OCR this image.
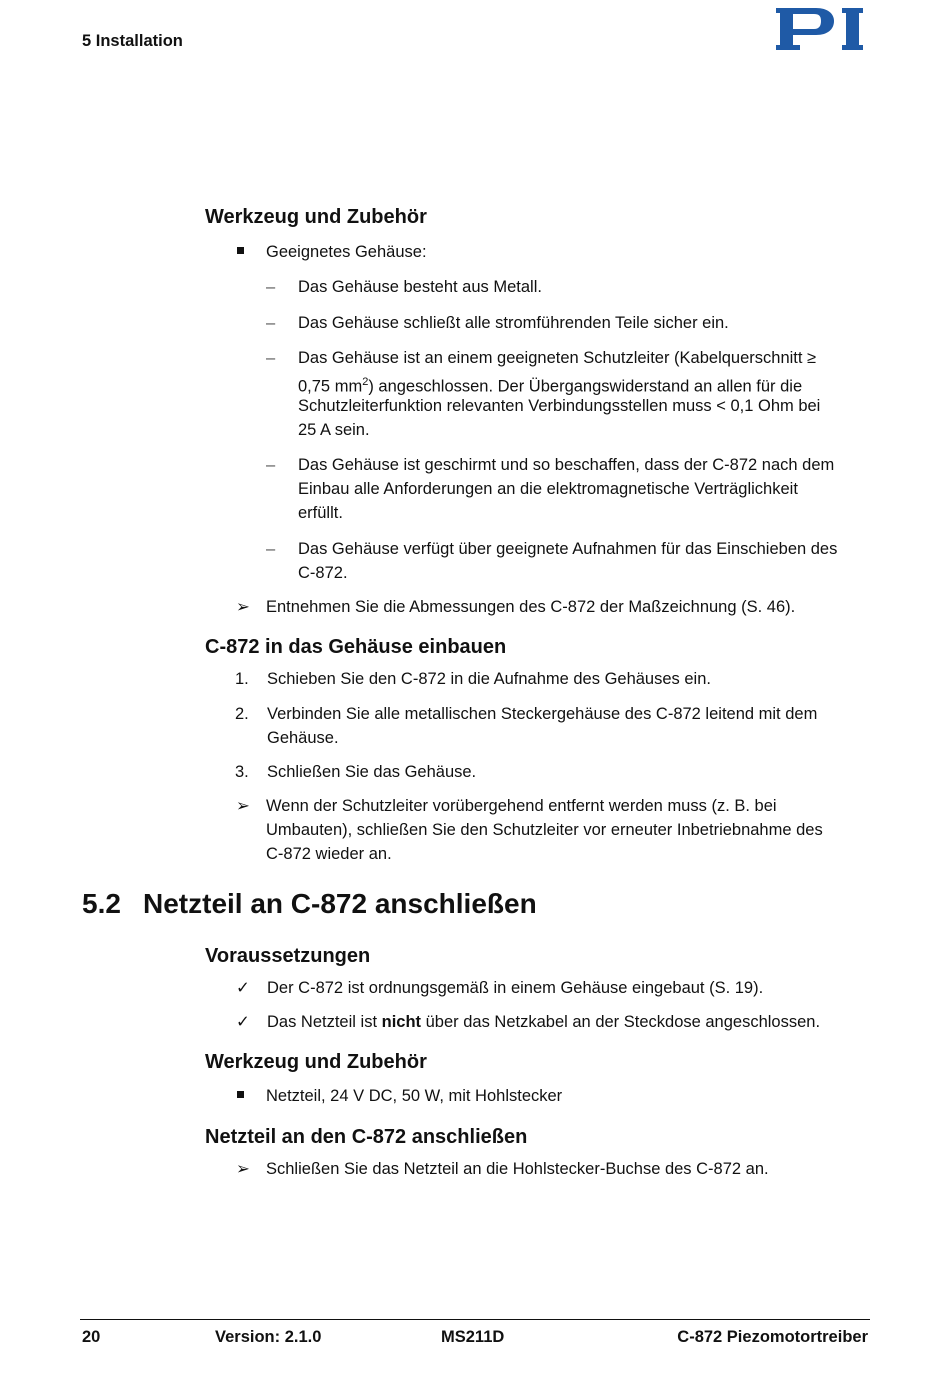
5 Installation
Werkzeug und Zubehör
Geeignetes Gehäuse:
– Das Gehäuse besteht aus Metall.
– Das Gehäuse schließt alle stromführenden Teile sicher ein.
– Das Gehäuse ist an einem geeigneten Schutzleiter (Kabelquerschnitt ≥
0,75 $mm^2$) angeschlossen. Der Übergangswiderstand an allen für die
Schutzleiterfunktion relevanten Verbindungsstellen muss < 0,1 Ohm bei
25 A sein.
– Das Gehäuse ist geschirmt und so beschaffen, dass der C-872 nach dem
Einbau alle Anforderungen an die elektromagnetische Verträglichkeit
erfüllt.
– Das Gehäuse verfügt über geeignete Aufnahmen für das Einschieben des
C-872.
➢ Entnehmen Sie die Abmessungen des C-872 der Maßzeichnung (S. 46).
C-872 in das Gehäuse einbauen
1. Schieben Sie den C-872 in die Aufnahme des Gehäuses ein.
2. Verbinden Sie alle metallischen Steckergehäuse des C-872 leitend mit dem
Gehäuse.
3. Schließen Sie das Gehäuse.
➢ Wenn der Schutzleiter vorübergehend entfernt werden muss (z. B. bei
Umbauten), schließen Sie den Schutzleiter vor erneuter Inbetriebnahme des
C-872 wieder an.
5.2 Netzteil an C-872 anschließen
Voraussetzungen
✓ Der C-872 ist ordnungsgemäß in einem Gehäuse eingebaut (S. 19).
✓ Das Netzteil ist nicht über das Netzkabel an der Steckdose angeschlossen.
Werkzeug und Zubehör
Netzteil, 24 V DC, 50 W, mit Hohlstecker
Netzteil an den C-872 anschließen
➢ Schließen Sie das Netzteil an die Hohlstecker-Buchse des C-872 an.
20	Version: 2.1.0	MS211D	C-872 Piezomotortreiber
